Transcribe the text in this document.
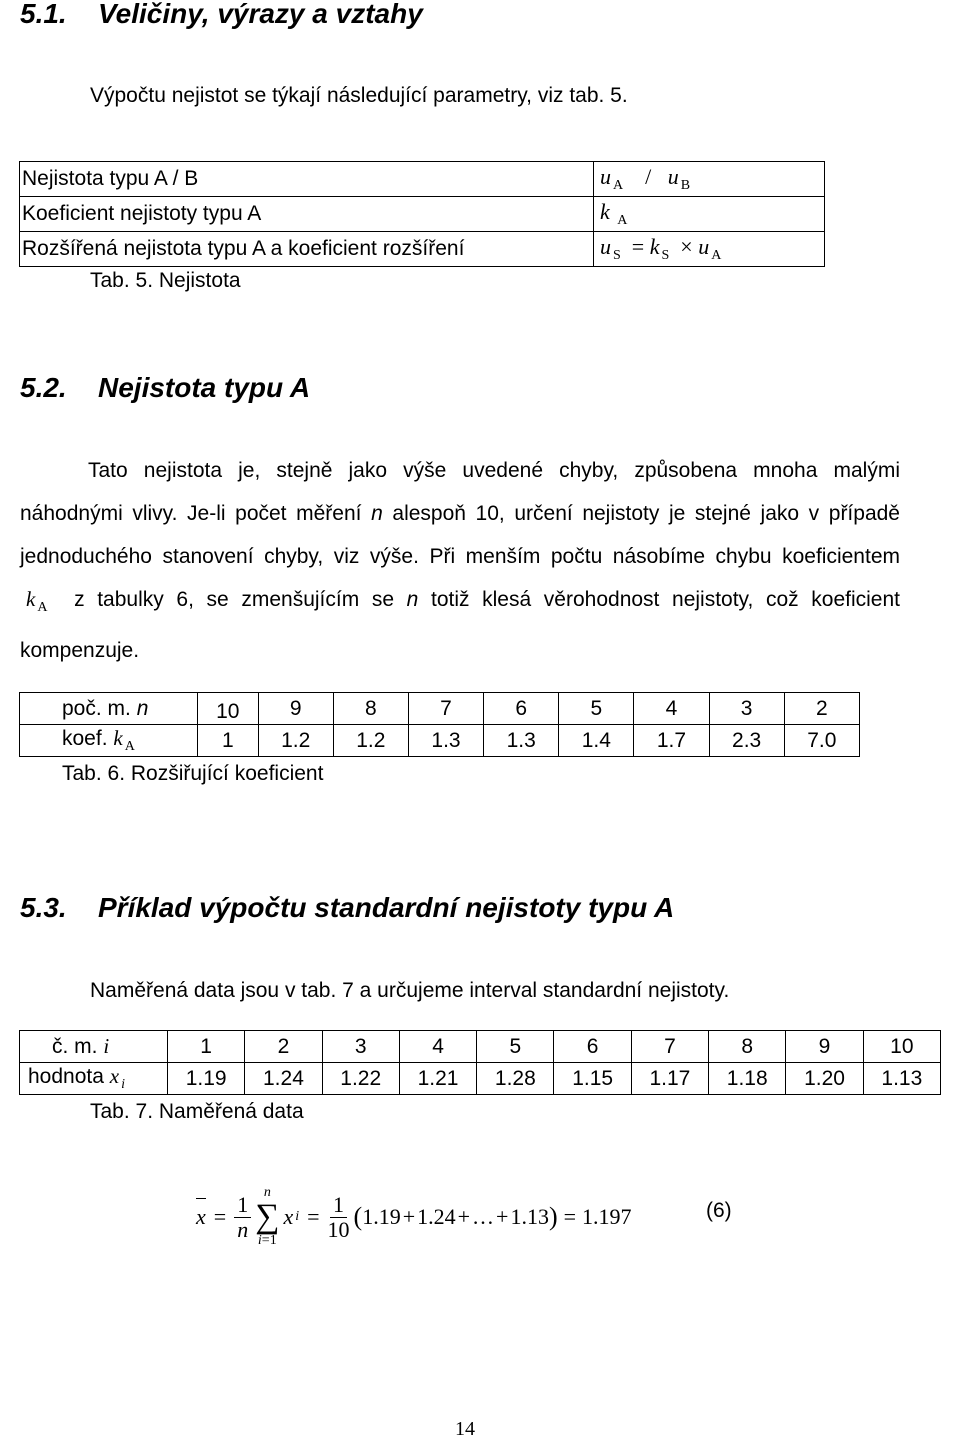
5.1. Veličiny, výrazy a vztahy
Výpočtu nejistot se týkají následující parametry, viz tab. 5.
Nejistota typu A / B	u $_A$    /   u $_B$
Koeficient nejistoty typu A	k $_A$
Rozšířená nejistota typu A a koeficient rozšíření	u $_S$  = k $_S$  × u $_A$
Tab. 5. Nejistota
5.2. Nejistota typu A
Tato nejistota je, stejně jako výše uvedené chyby, způsobena mnoha malými náhodnými vlivy. Je-li počet měření n alespoň 10, určení nejistoty je stejné jako v případě jednoduchého stanovení chyby, viz výše. Při menším počtu násobíme chybu koeficientem k $_A$ z tabulky 6, se zmenšujícím se n totiž klesá věrohodnost nejistoty, což koeficient kompenzuje.
poč. m. n	10	9	8	7	6	5	4	3	2
koef. k $_A$	1	1.2	1.2	1.3	1.3	1.4	1.7	2.3	7.0
Tab. 6. Rozšiřující koeficient
5.3. Příklad výpočtu standardní nejistoty typu A
Naměřená data jsou v tab. 7 a určujeme interval standardní nejistoty.
č. m. i	1	2	3	4	5	6	7	8	9	10
hodnota x $_i$	1.19	1.24	1.22	1.21	1.28	1.15	1.17	1.18	1.20	1.13
Tab. 7. Naměřená data
$x = \frac{1}{n}$ n
∑
i=1
x $i = \frac{1}{10}$ ( 1.19 + 1.24 + … + 1.13 ) = 1.197	(6)
14
